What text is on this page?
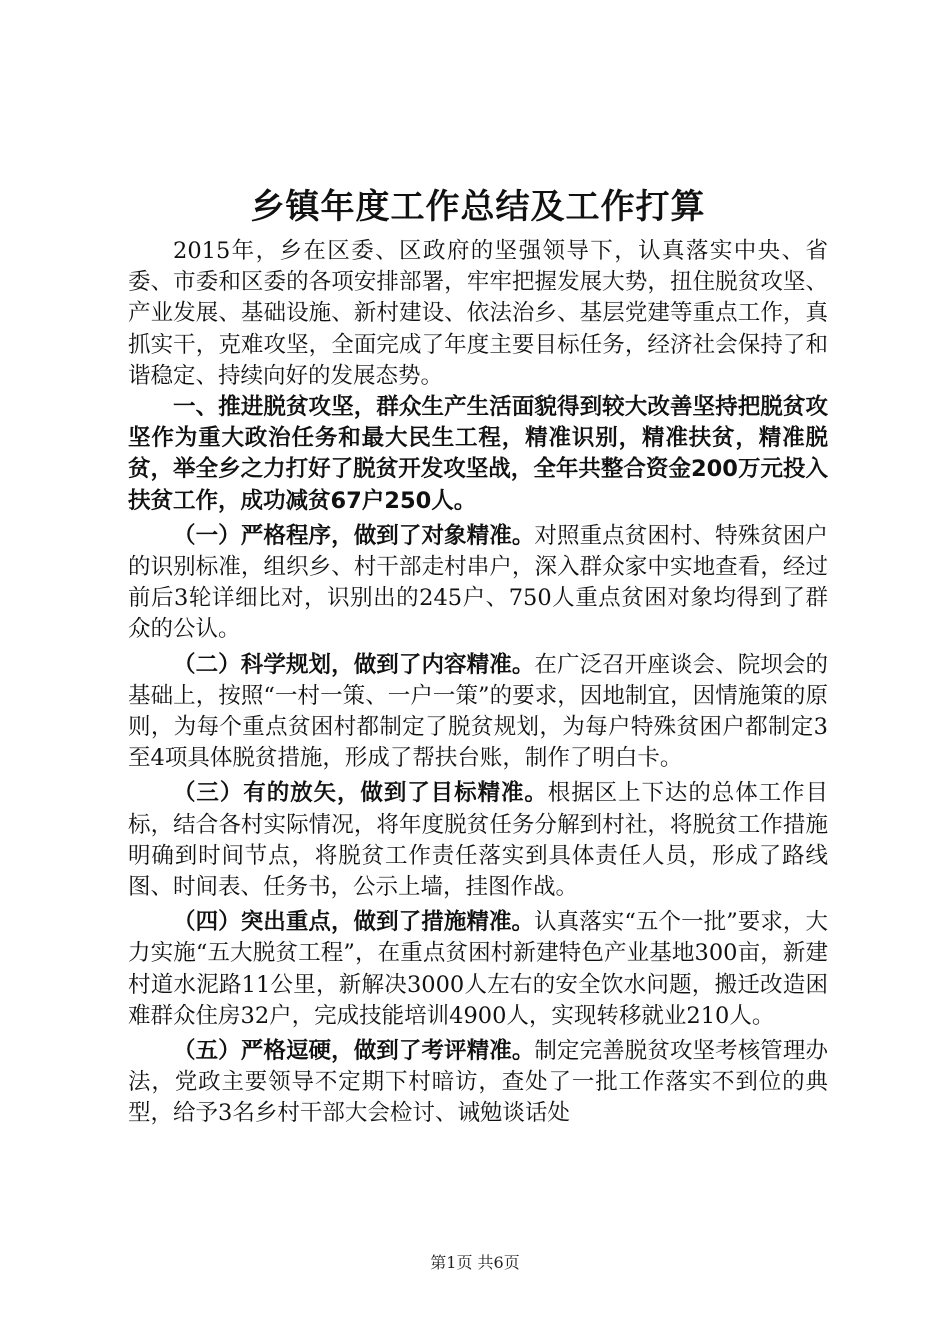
乡镇年度工作总结及工作打算

2015年，乡在区委、区政府的坚强领导下，认真落实中央、省委、市委和区委的各项安排部署，牢牢把握发展大势，扭住脱贫攻坚、产业发展、基础设施、新村建设、依法治乡、基层党建等重点工作，真抓实干，克难攻坚，全面完成了年度主要目标任务，经济社会保持了和谐稳定、持续向好的发展态势。

一、推进脱贫攻坚，群众生产生活面貌得到较大改善坚持把脱贫攻坚作为重大政治任务和最大民生工程，精准识别，精准扶贫，精准脱贫，举全乡之力打好了脱贫开发攻坚战，全年共整合资金200万元投入扶贫工作，成功减贫67户250人。

（一）严格程序，做到了对象精准。对照重点贫困村、特殊贫困户的识别标准，组织乡、村干部走村串户，深入群众家中实地查看，经过前后3轮详细比对，识别出的245户、750人重点贫困对象均得到了群众的公认。

（二）科学规划，做到了内容精准。在广泛召开座谈会、院坝会的基础上，按照“一村一策、一户一策”的要求，因地制宜，因情施策的原则，为每个重点贫困村都制定了脱贫规划，为每户特殊贫困户都制定3至4项具体脱贫措施，形成了帮扶台账，制作了明白卡。

（三）有的放矢，做到了目标精准。根据区上下达的总体工作目标，结合各村实际情况，将年度脱贫任务分解到村社，将脱贫工作措施明确到时间节点，将脱贫工作责任落实到具体责任人员，形成了路线图、时间表、任务书，公示上墙，挂图作战。

（四）突出重点，做到了措施精准。认真落实“五个一批”要求，大力实施“五大脱贫工程”，在重点贫困村新建特色产业基地300亩，新建村道水泥路11公里，新解决3000人左右的安全饮水问题，搬迁改造困难群众住房32户，完成技能培训4900人，实现转移就业210人。

（五）严格逗硬，做到了考评精准。制定完善脱贫攻坚考核管理办法，党政主要领导不定期下村暗访，查处了一批工作落实不到位的典型，给予3名乡村干部大会检讨、诫勉谈话处

第1页 共6页
